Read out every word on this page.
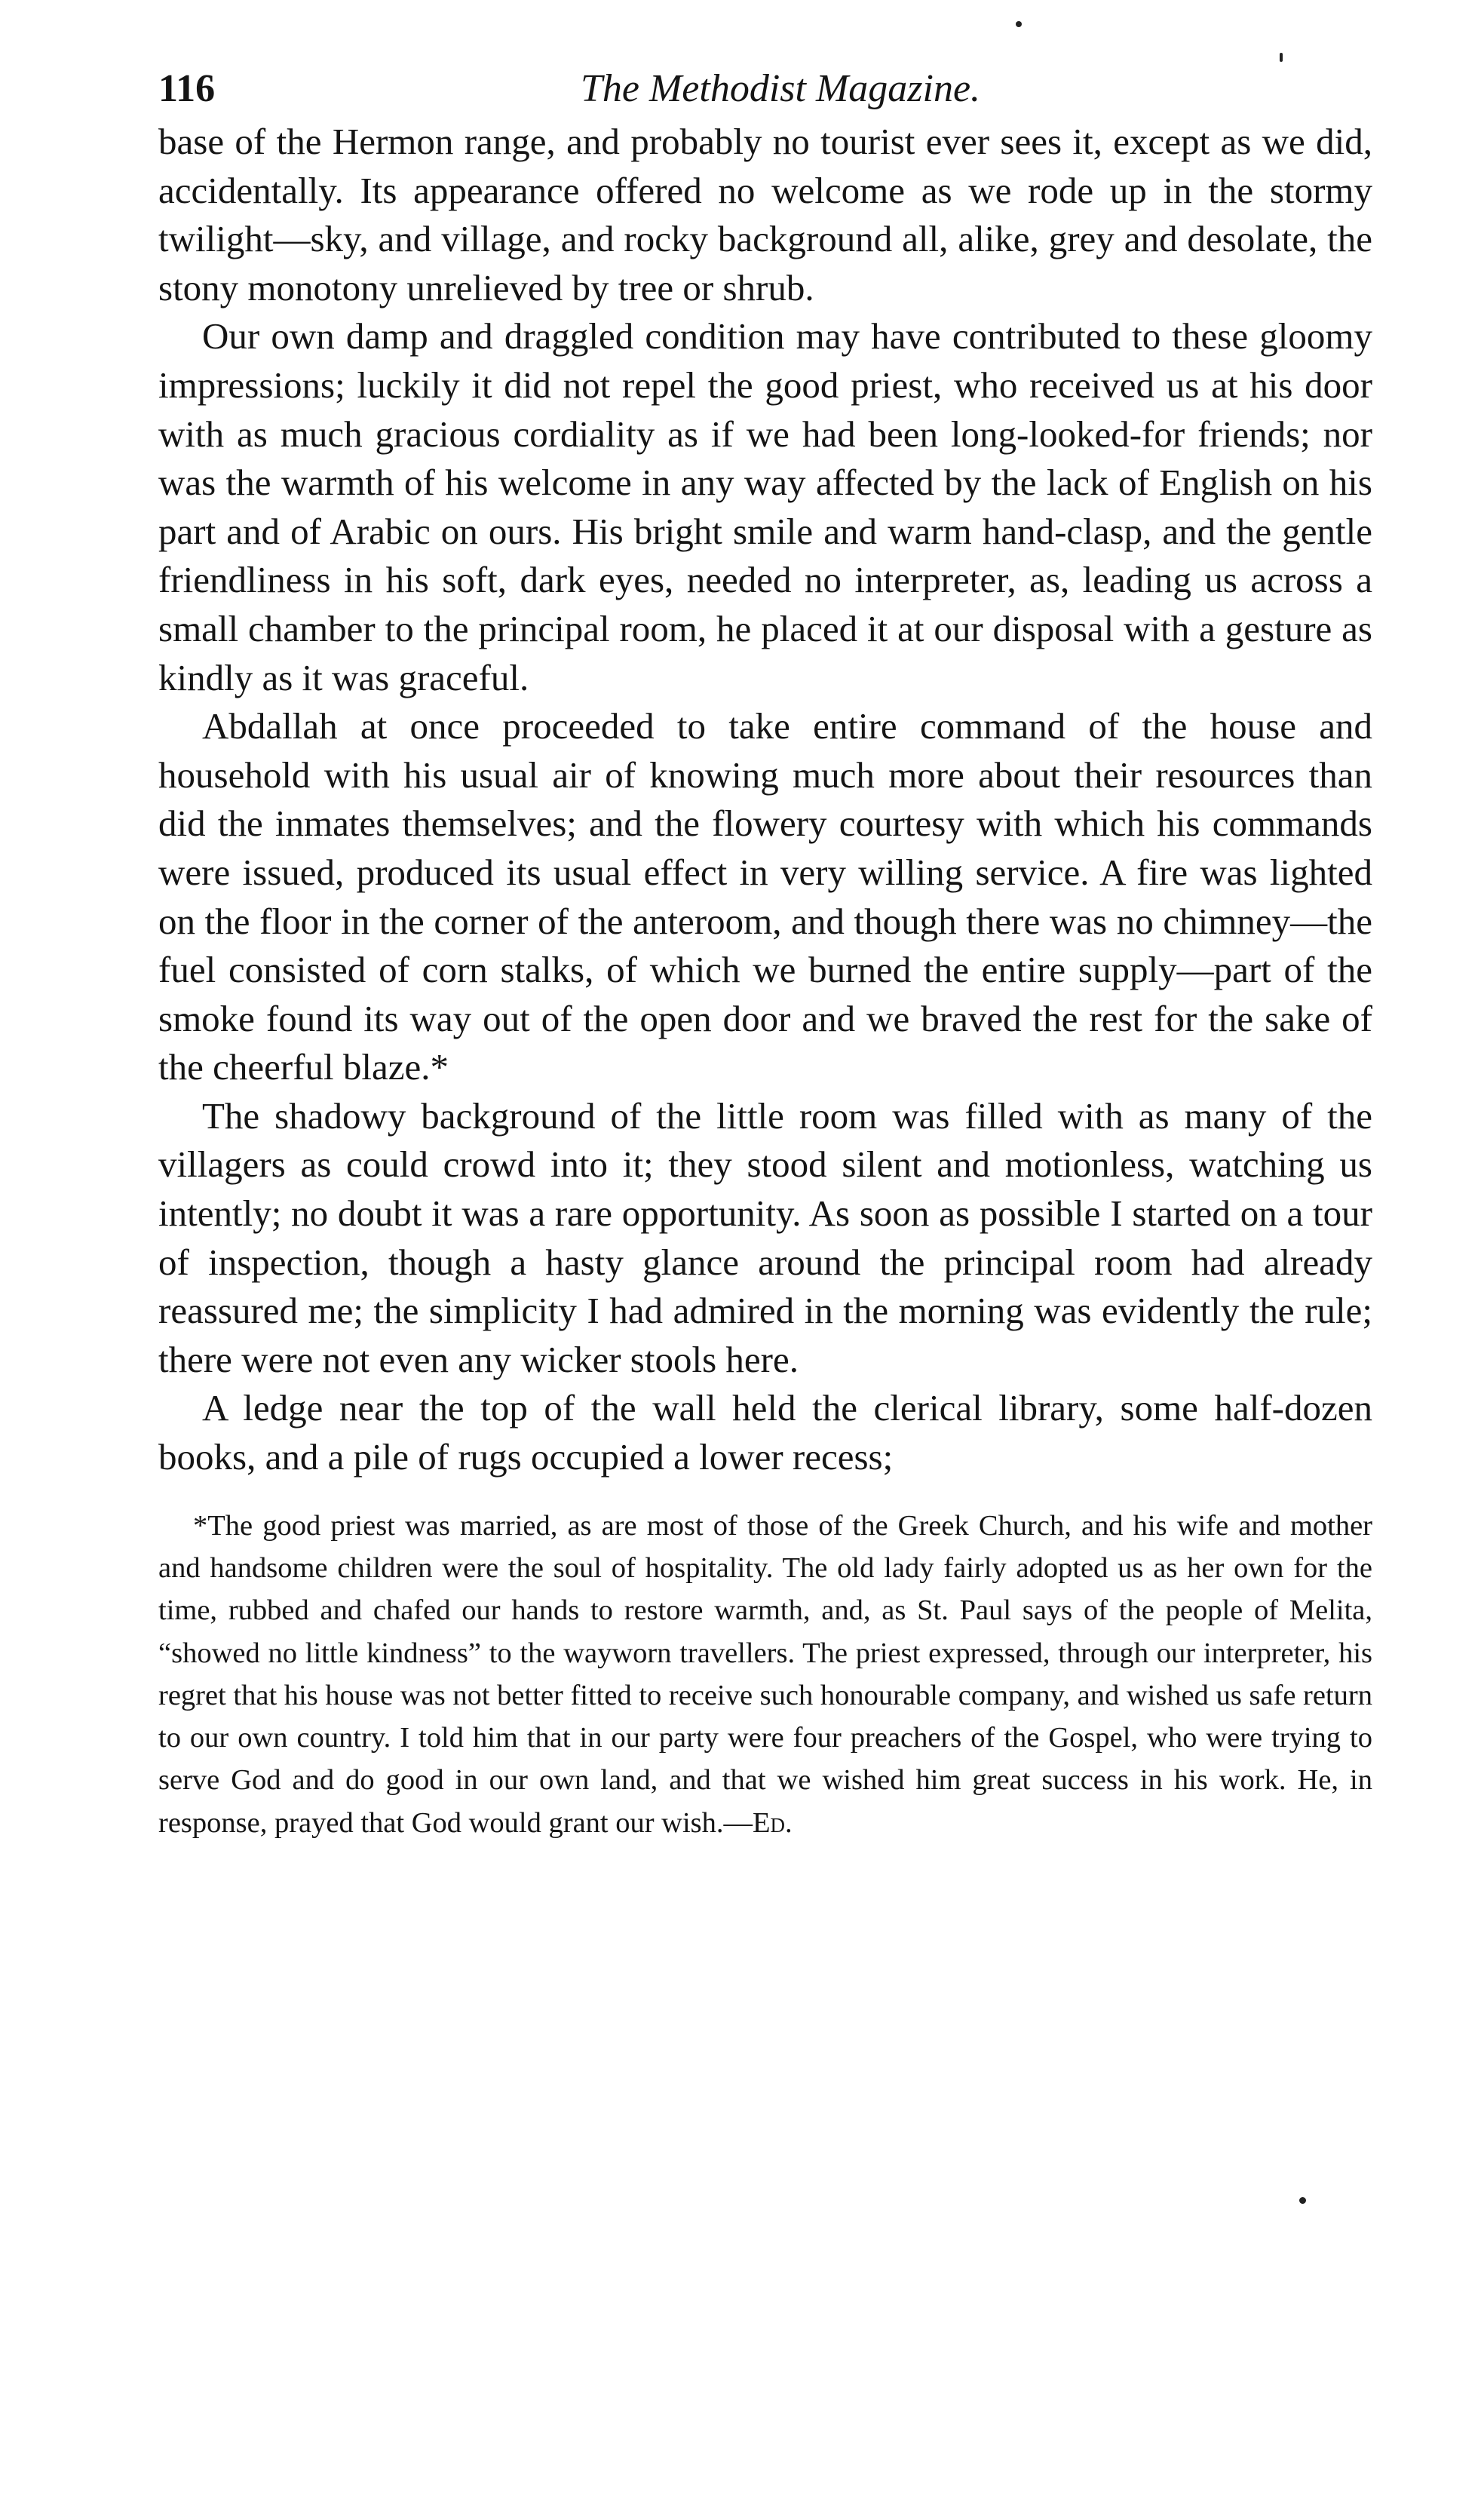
116	The Methodist Magazine.

base of the Hermon range, and probably no tourist ever sees it, except as we did, accidentally. Its appearance offered no welcome as we rode up in the stormy twilight—sky, and village, and rocky background all, alike, grey and desolate, the stony monotony unrelieved by tree or shrub.

Our own damp and draggled condition may have contributed to these gloomy impressions; luckily it did not repel the good priest, who received us at his door with as much gracious cordiality as if we had been long-looked-for friends; nor was the warmth of his welcome in any way affected by the lack of English on his part and of Arabic on ours. His bright smile and warm hand-clasp, and the gentle friendliness in his soft, dark eyes, needed no interpreter, as, leading us across a small chamber to the principal room, he placed it at our disposal with a gesture as kindly as it was graceful.

Abdallah at once proceeded to take entire command of the house and household with his usual air of knowing much more about their resources than did the inmates themselves; and the flowery courtesy with which his commands were issued, produced its usual effect in very willing service. A fire was lighted on the floor in the corner of the anteroom, and though there was no chimney—the fuel consisted of corn stalks, of which we burned the entire supply—part of the smoke found its way out of the open door and we braved the rest for the sake of the cheerful blaze.*

The shadowy background of the little room was filled with as many of the villagers as could crowd into it; they stood silent and motionless, watching us intently; no doubt it was a rare opportunity. As soon as possible I started on a tour of inspection, though a hasty glance around the principal room had already reassured me; the simplicity I had admired in the morning was evidently the rule; there were not even any wicker stools here.

A ledge near the top of the wall held the clerical library, some half-dozen books, and a pile of rugs occupied a lower recess;

*The good priest was married, as are most of those of the Greek Church, and his wife and mother and handsome children were the soul of hospitality. The old lady fairly adopted us as her own for the time, rubbed and chafed our hands to restore warmth, and, as St. Paul says of the people of Melita, “showed no little kindness” to the wayworn travellers. The priest expressed, through our interpreter, his regret that his house was not better fitted to receive such honourable company, and wished us safe return to our own country. I told him that in our party were four preachers of the Gospel, who were trying to serve God and do good in our own land, and that we wished him great success in his work. He, in response, prayed that God would grant our wish.—Ed.
